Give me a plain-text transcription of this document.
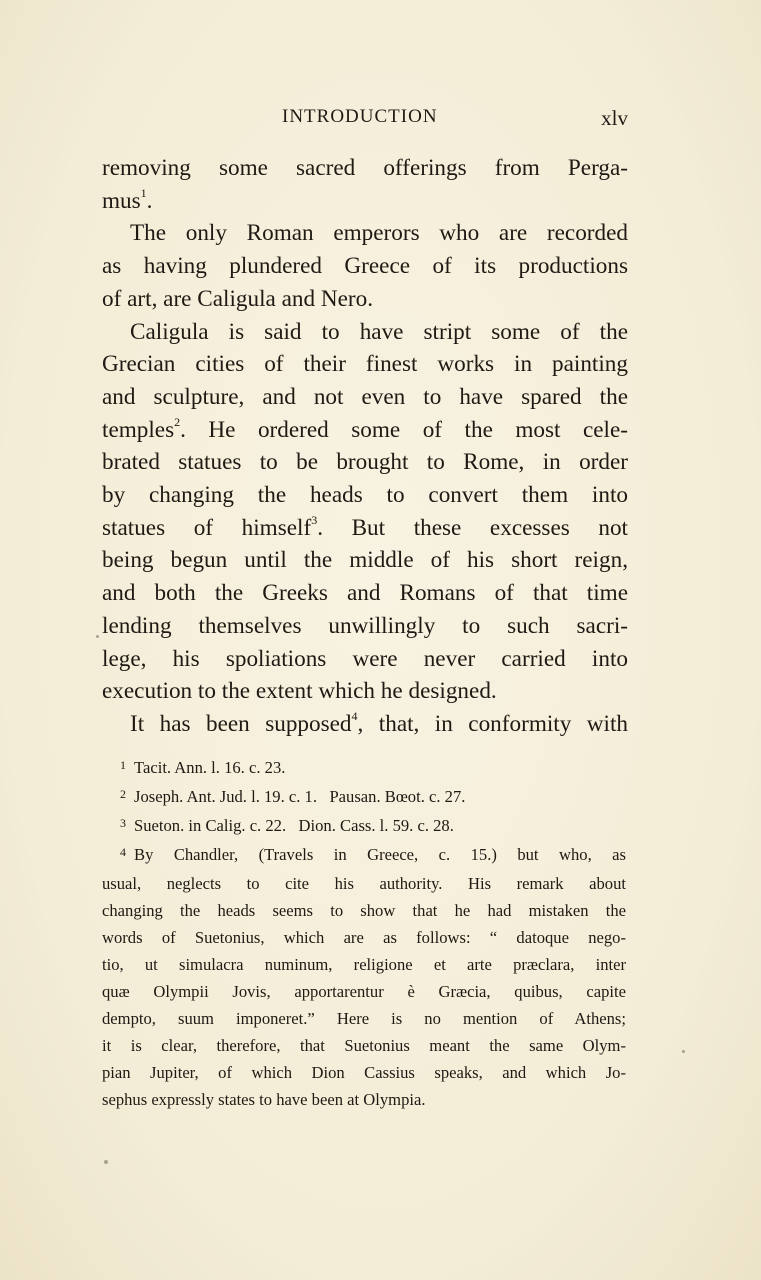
INTRODUCTION	xlv
removing some sacred offerings from Perga-
mus$^1$.
The only Roman emperors who are recorded
as having plundered Greece of its productions
of art, are Caligula and Nero.
Caligula is said to have stript some of the
Grecian cities of their finest works in painting
and sculpture, and not even to have spared the
temples$^2$. He ordered some of the most cele-
brated statues to be brought to Rome, in order
by changing the heads to convert them into
statues of himself$^3$. But these excesses not
being begun until the middle of his short reign,
and both the Greeks and Romans of that time
lending themselves unwillingly to such sacri-
lege, his spoliations were never carried into
execution to the extent which he designed.
It has been supposed$^4$, that, in conformity with
$^1$ Tacit. Ann. l. 16. c. 23.
$^2$ Joseph. Ant. Jud. l. 19. c. 1.   Pausan. Bœot. c. 27.
$^3$ Sueton. in Calig. c. 22.   Dion. Cass. l. 59. c. 28.
$^4$ By Chandler, (Travels in Greece, c. 15.) but who, as
usual, neglects to cite his authority. His remark about
changing the heads seems to show that he had mistaken the
words of Suetonius, which are as follows: “ datoque nego-
tio, ut simulacra numinum, religione et arte præclara, inter
quæ Olympii Jovis, apportarentur è Græcia, quibus, capite
dempto, suum imponeret.” Here is no mention of Athens;
it is clear, therefore, that Suetonius meant the same Olym-
pian Jupiter, of which Dion Cassius speaks, and which Jo-
sephus expressly states to have been at Olympia.
